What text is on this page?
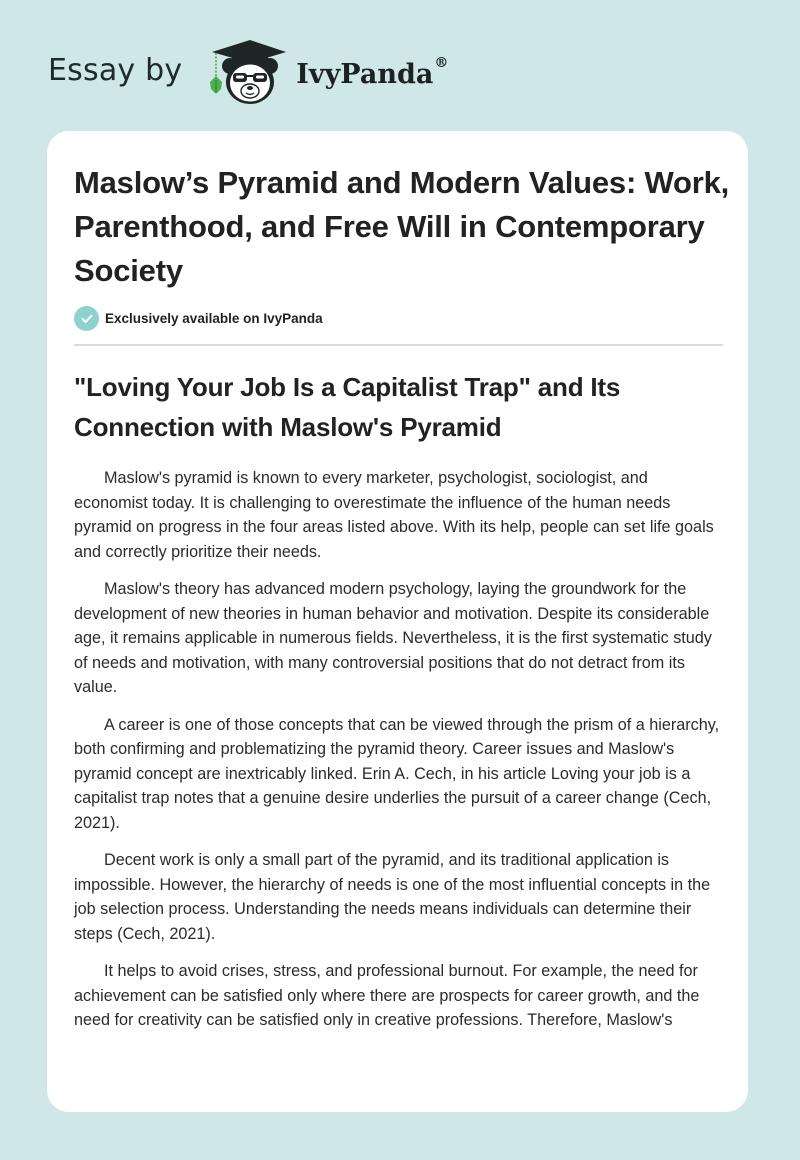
Essay by	IvyPanda®
Maslow’s Pyramid and Modern Values: Work, Parenthood, and Free Will in Contemporary Society
Exclusively available on IvyPanda
"Loving Your Job Is a Capitalist Trap" and Its Connection with Maslow's Pyramid

Maslow's pyramid is known to every marketer, psychologist, sociologist, and economist today. It is challenging to overestimate the influence of the human needs pyramid on progress in the four areas listed above. With its help, people can set life goals and correctly prioritize their needs.

Maslow's theory has advanced modern psychology, laying the groundwork for the development of new theories in human behavior and motivation. Despite its considerable age, it remains applicable in numerous fields. Nevertheless, it is the first systematic study of needs and motivation, with many controversial positions that do not detract from its value.

A career is one of those concepts that can be viewed through the prism of a hierarchy, both confirming and problematizing the pyramid theory. Career issues and Maslow's pyramid concept are inextricably linked. Erin A. Cech, in his article Loving your job is a capitalist trap notes that a genuine desire underlies the pursuit of a career change (Cech, 2021).

Decent work is only a small part of the pyramid, and its traditional application is impossible. However, the hierarchy of needs is one of the most influential concepts in the job selection process. Understanding the needs means individuals can determine their steps (Cech, 2021).

It helps to avoid crises, stress, and professional burnout. For example, the need for achievement can be satisfied only where there are prospects for career growth, and the need for creativity can be satisfied only in creative professions. Therefore, Maslow's
